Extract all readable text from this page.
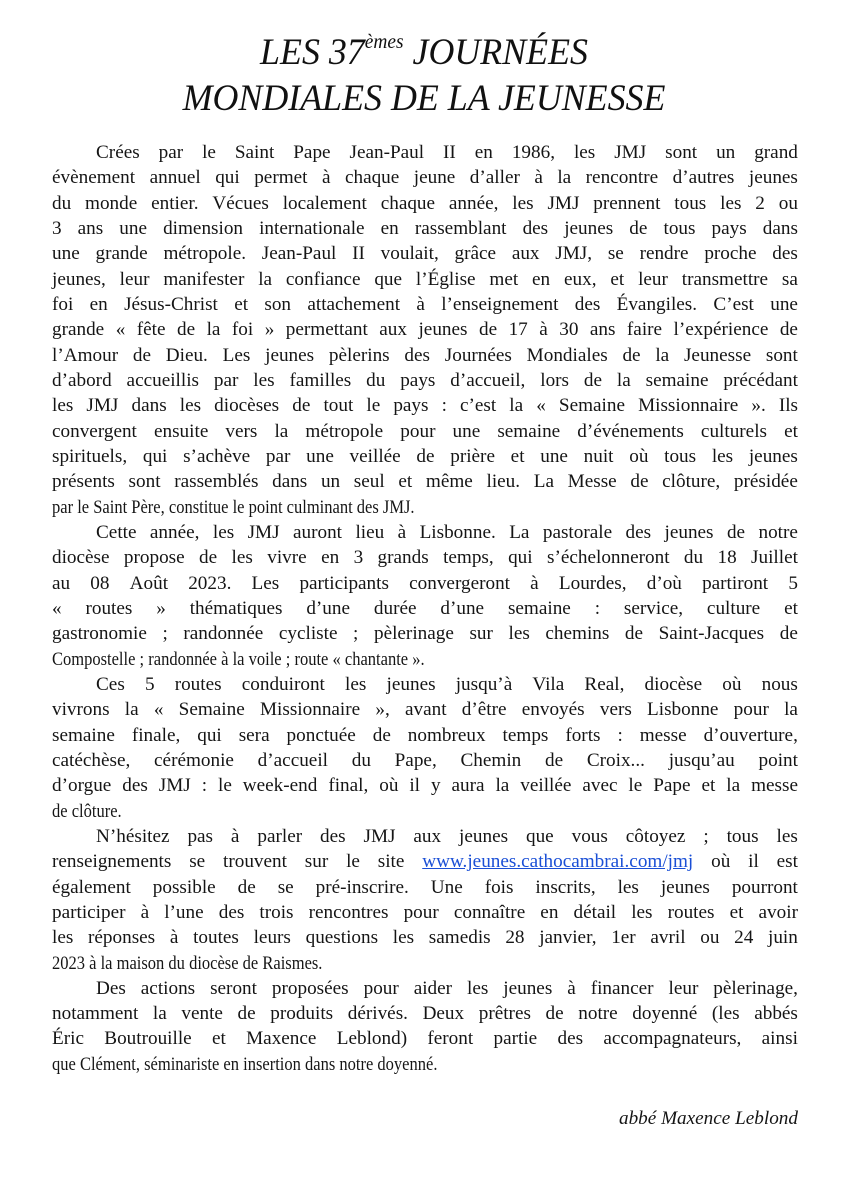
LES 37èmes JOURNÉES
MONDIALES DE LA JEUNESSE
Crées par le Saint Pape Jean-Paul II en 1986, les JMJ sont un grand
évènement annuel qui permet à chaque jeune d’aller à la rencontre d’autres jeunes
du monde entier. Vécues localement chaque année, les JMJ prennent tous les 2 ou
3 ans une dimension internationale en rassemblant des jeunes de tous pays dans
une grande métropole. Jean-Paul II voulait, grâce aux JMJ, se rendre proche des
jeunes, leur manifester la confiance que l’Église met en eux, et leur transmettre sa
foi en Jésus-Christ et son attachement à l’enseignement des Évangiles. C’est une
grande « fête de la foi » permettant aux jeunes de 17 à 30 ans faire l’expérience de
l’Amour de Dieu. Les jeunes pèlerins des Journées Mondiales de la Jeunesse sont
d’abord accueillis par les familles du pays d’accueil, lors de la semaine précédant
les JMJ dans les diocèses de tout le pays : c’est la « Semaine Missionnaire ». Ils
convergent ensuite vers la métropole pour une semaine d’événements culturels et
spirituels, qui s’achève par une veillée de prière et une nuit où tous les jeunes
présents sont rassemblés dans un seul et même lieu. La Messe de clôture, présidée
par le Saint Père, constitue le point culminant des JMJ.
Cette année, les JMJ auront lieu à Lisbonne. La pastorale des jeunes de notre
diocèse propose de les vivre en 3 grands temps, qui s’échelonneront du 18 Juillet
au 08 Août 2023. Les participants convergeront à Lourdes, d’où partiront 5
« routes » thématiques d’une durée d’une semaine : service, culture et
gastronomie ; randonnée cycliste ; pèlerinage sur les chemins de Saint-Jacques de
Compostelle ; randonnée à la voile ; route « chantante ».
Ces 5 routes conduiront les jeunes jusqu’à Vila Real, diocèse où nous
vivrons la « Semaine Missionnaire », avant d’être envoyés vers Lisbonne pour la
semaine finale, qui sera ponctuée de nombreux temps forts : messe d’ouverture,
catéchèse, cérémonie d’accueil du Pape, Chemin de Croix... jusqu’au point
d’orgue des JMJ : le week-end final, où il y aura la veillée avec le Pape et la messe
de clôture.
N’hésitez pas à parler des JMJ aux jeunes que vous côtoyez ; tous les
renseignements se trouvent sur le site www.jeunes.cathocambrai.com/jmj où il est
également possible de se pré-inscrire. Une fois inscrits, les jeunes pourront
participer à l’une des trois rencontres pour connaître en détail les routes et avoir
les réponses à toutes leurs questions les samedis 28 janvier, 1er avril ou 24 juin
2023 à la maison du diocèse de Raismes.
Des actions seront proposées pour aider les jeunes à financer leur pèlerinage,
notamment la vente de produits dérivés. Deux prêtres de notre doyenné (les abbés
Éric Boutrouille et Maxence Leblond) feront partie des accompagnateurs, ainsi
que Clément, séminariste en insertion dans notre doyenné.
abbé Maxence Leblond
